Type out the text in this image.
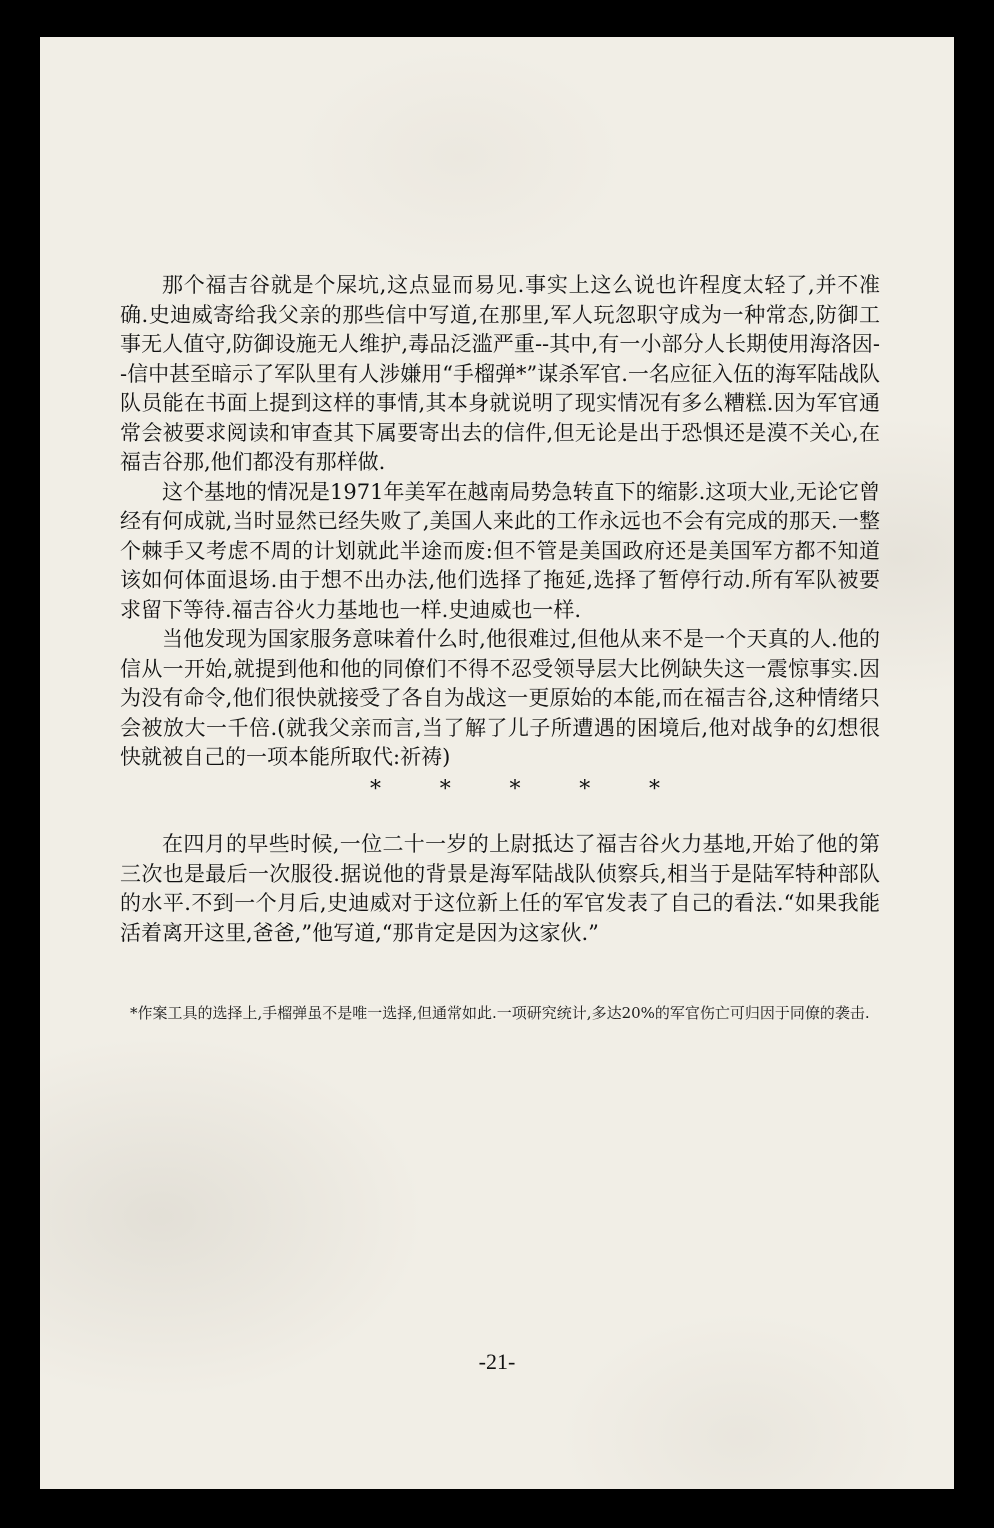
那个福吉谷就是个屎坑,这点显而易见.事实上这么说也许程度太轻了,并不准确.史迪威寄给我父亲的那些信中写道,在那里,军人玩忽职守成为一种常态,防御工事无人值守,防御设施无人维护,毒品泛滥严重--其中,有一小部分人长期使用海洛因--信中甚至暗示了军队里有人涉嫌用“手榴弹*”谋杀军官.一名应征入伍的海军陆战队队员能在书面上提到这样的事情,其本身就说明了现实情况有多么糟糕.因为军官通常会被要求阅读和审查其下属要寄出去的信件,但无论是出于恐惧还是漠不关心,在福吉谷那,他们都没有那样做.

这个基地的情况是1971年美军在越南局势急转直下的缩影.这项大业,无论它曾经有何成就,当时显然已经失败了,美国人来此的工作永远也不会有完成的那天.一整个棘手又考虑不周的计划就此半途而废:但不管是美国政府还是美国军方都不知道该如何体面退场.由于想不出办法,他们选择了拖延,选择了暂停行动.所有军队被要求留下等待.福吉谷火力基地也一样.史迪威也一样.

当他发现为国家服务意味着什么时,他很难过,但他从来不是一个天真的人.他的信从一开始,就提到他和他的同僚们不得不忍受领导层大比例缺失这一震惊事实.因为没有命令,他们很快就接受了各自为战这一更原始的本能,而在福吉谷,这种情绪只会被放大一千倍.(就我父亲而言,当了解了儿子所遭遇的困境后,他对战争的幻想很快就被自己的一项本能所取代:祈祷)

*	*	*	*	*

在四月的早些时候,一位二十一岁的上尉抵达了福吉谷火力基地,开始了他的第三次也是最后一次服役.据说他的背景是海军陆战队侦察兵,相当于是陆军特种部队的水平.不到一个月后,史迪威对于这位新上任的军官发表了自己的看法.“如果我能活着离开这里,爸爸,”他写道,“那肯定是因为这家伙.”

*作案工具的选择上,手榴弹虽不是唯一选择,但通常如此.一项研究统计,多达20%的军官伤亡可归因于同僚的袭击.
-21-
